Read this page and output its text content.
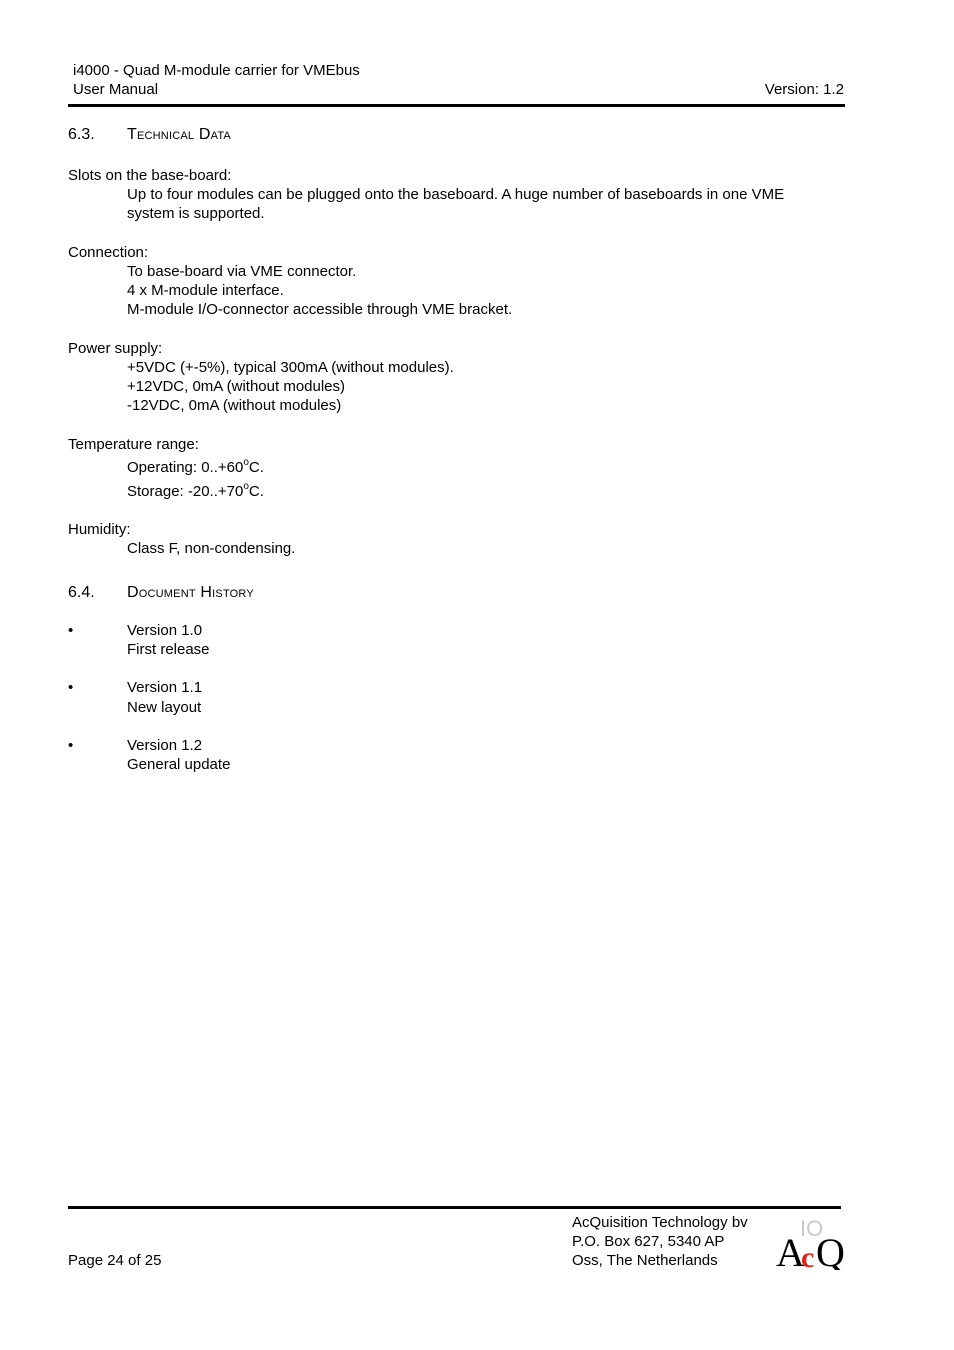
i4000 - Quad M-module carrier for VMEbus
User Manual	Version: 1.2
6.3. Technical Data
Slots on the base-board:
Up to four modules can be plugged onto the baseboard. A huge number of baseboards in one VME
system is supported.
Connection:
To base-board via VME connector.
4 x M-module interface.
M-module I/O-connector accessible through VME bracket.
Power supply:
+5VDC (+-5%), typical 300mA (without modules).
+12VDC, 0mA (without modules)
-12VDC, 0mA (without modules)
Temperature range:
Operating: $0..+60^oC$.
Storage: $-20..+70^oC$.
Humidity:
Class F, non-condensing.
6.4. Document History
•	Version 1.0
First release
•	Version 1.1
New layout
•	Version 1.2
General update
Page 24 of 25
AcQuisition Technology bv
P.O. Box 627, 5340 AP
Oss, The Netherlands
IO
A
c Q
